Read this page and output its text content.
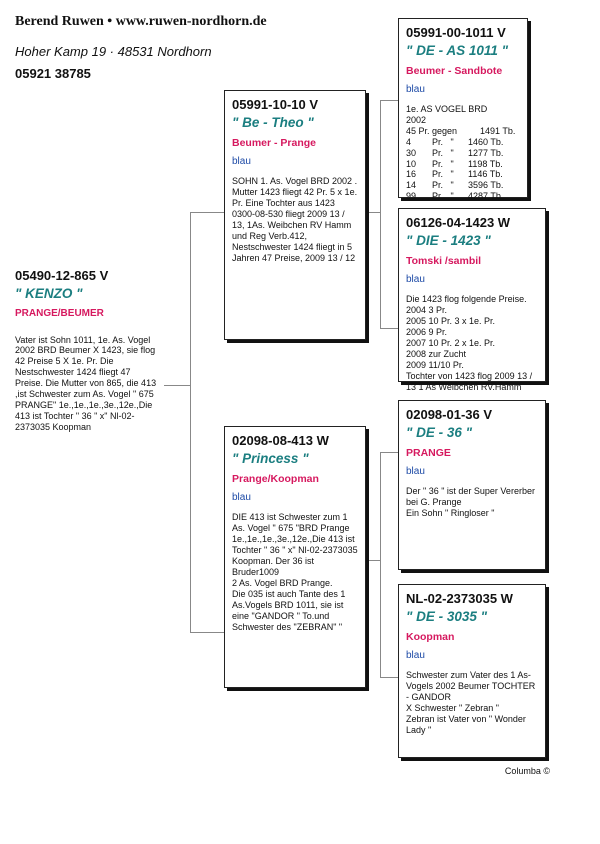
Berend Ruwen • www.ruwen-nordhorn.de
Hoher Kamp 19 · 48531 Nordhorn
05921 38785
05490-12-865 V
" KENZO "
PRANGE/BEUMER
Vater ist Sohn 1011, 1e. As. Vogel 2002 BRD Beumer X 1423, sie flog 42 Preise 5 X 1e. Pr. Die Nestschwester 1424 fliegt 47 Preise. Die Mutter von 865, die 413 ,ist Schwester zum As. Vogel " 675 PRANGE" 1e.,1e.,1e.,3e.,12e.,Die 413 ist Tochter " 36 " x" Nl-02-2373035 Koopman
05991-10-10 V
" Be - Theo "
Beumer - Prange
blau
SOHN 1. As. Vogel BRD 2002 . Mutter 1423 fliegt 42 Pr. 5 x 1e. Pr. Eine Tochter aus 1423 0300-08-530 fliegt 2009 13 / 13, 1As. Weibchen RV Hamm und Reg Verb.412, Nestschwester 1424 fliegt in 5 Jahren 47 Preise, 2009 13 / 12
02098-08-413 W
" Princess "
Prange/Koopman
blau
DIE 413 ist Schwester zum 1 As. Vogel " 675 "BRD Prange 1e.,1e.,1e.,3e.,12e.,Die 413 ist Tochter " 36 " x" Nl-02-2373035 Koopman. Der 36 ist Bruder1009
2 As. Vogel BRD Prange.
Die 035 ist auch Tante des 1 As.Vogels BRD 1011, sie ist eine "GANDOR " To.und Schwester des "ZEBRAN" "
05991-00-1011 V
" DE - AS 1011 "
Beumer - Sandbote
blau
1e. AS VOGEL BRD
2002
45 Pr. gegen	1491 Tb.
4	Pr.   "	1460 Tb.
30	Pr.   "	1277 Tb.
10	Pr.   "	1198 Tb.
16	Pr.   "	1146 Tb.
14	Pr.   "	3596 Tb.
99	Pr.   "	4287 Tb.
06126-04-1423 W
" DIE - 1423 "
Tomski /sambil
blau
Die 1423 flog folgende Preise.
2004 3 Pr.
2005 10 Pr. 3 x 1e. Pr.
2006 9 Pr.
2007 10 Pr. 2 x 1e. Pr.
2008 zur Zucht
2009 11/10 Pr.
Tochter von 1423 flog 2009 13 / 13 1 As Weibchen RV.Hamm
02098-01-36 V
" DE - 36 "
PRANGE
blau
Der " 36 " ist der Super Vererber bei G. Prange
Ein Sohn " Ringloser "
NL-02-2373035 W
" DE - 3035 "
Koopman
blau
Schwester zum Vater des 1 As-Vogels 2002 Beumer TOCHTER - GANDOR
X Schwester " Zebran "
Zebran ist Vater von " Wonder Lady "
Columba ©
